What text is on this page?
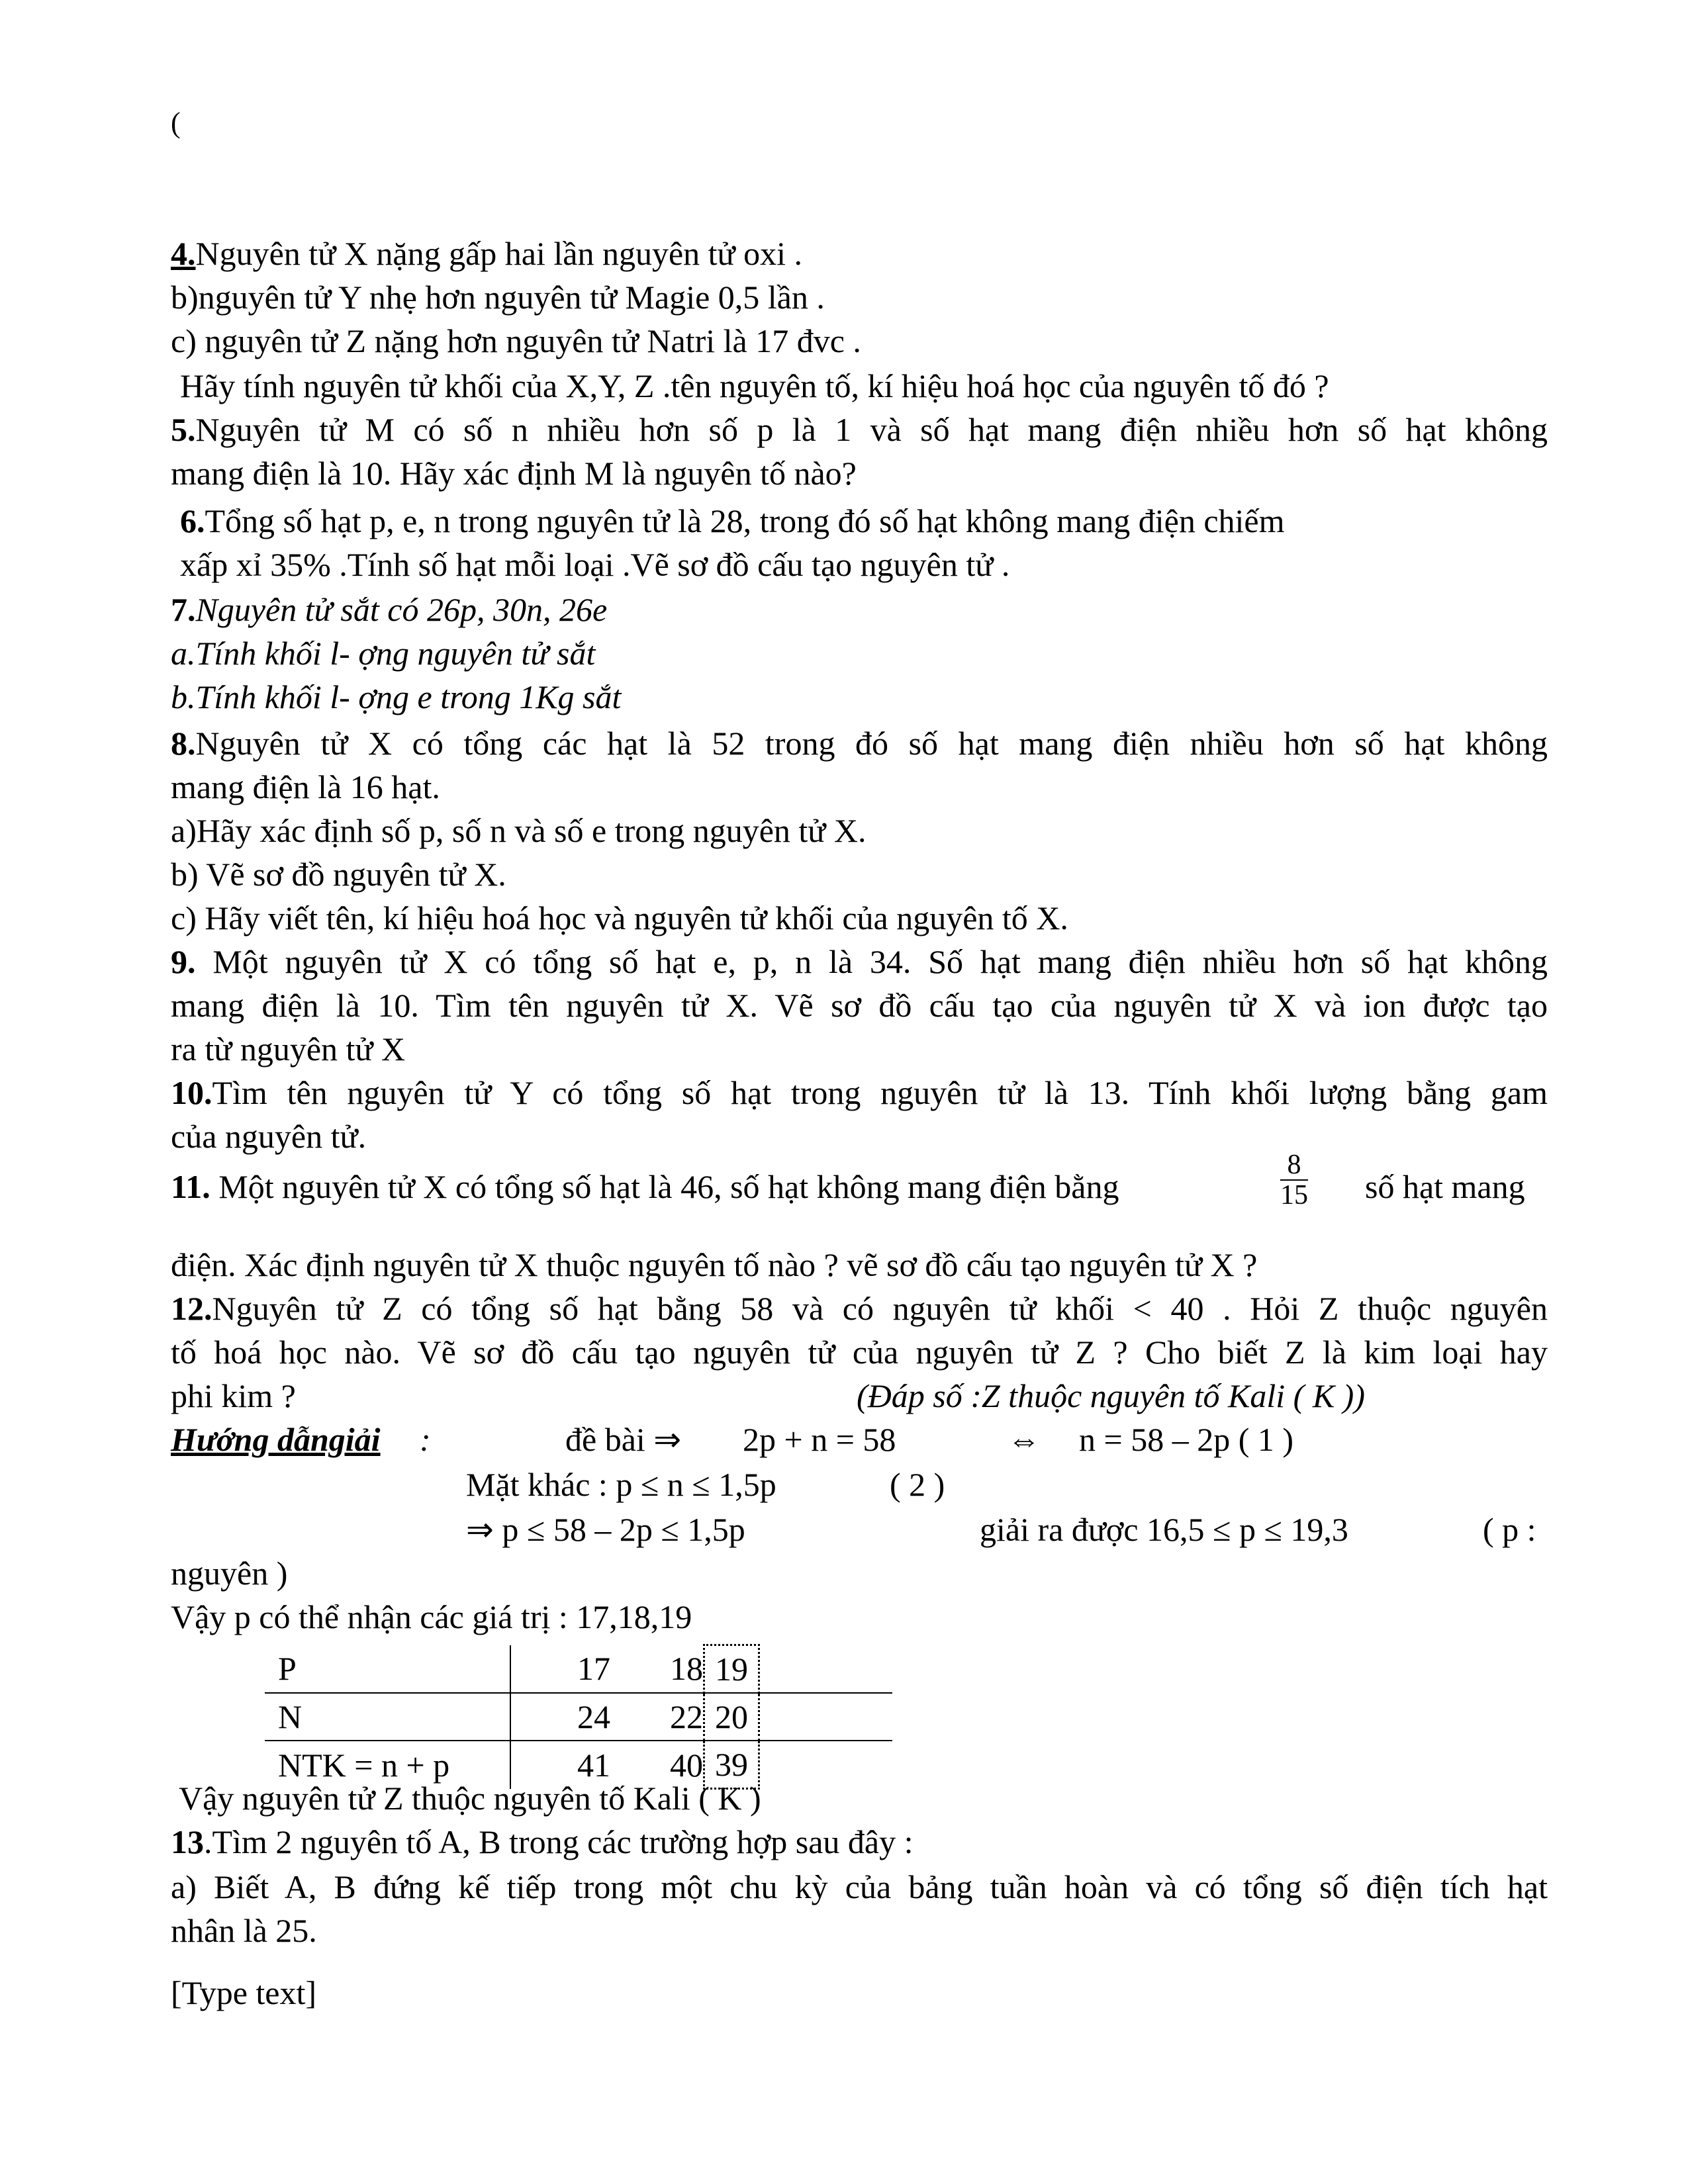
(
4.Nguyên tử X nặng gấp hai lần nguyên tử oxi .
b)nguyên tử Y nhẹ hơn nguyên tử Magie 0,5 lần .
c) nguyên tử Z nặng hơn nguyên tử Natri là 17 đvc .
Hãy tính nguyên tử khối của X,Y, Z .tên nguyên tố, kí hiệu hoá học của nguyên tố đó ?
5.Nguyên tử M có số n nhiều hơn số p là 1 và số hạt mang điện nhiều hơn số hạt không
mang điện là 10. Hãy xác định M là nguyên tố nào?
6.Tổng số hạt p, e, n trong nguyên tử là 28, trong đó số hạt không mang điện chiếm
xấp xỉ 35% .Tính số hạt mỗi loại .Vẽ sơ đồ cấu tạo nguyên tử .
7.Nguyên tử sắt có 26p, 30n, 26e
a.Tính khối l- ợng nguyên tử sắt
b.Tính khối l- ợng e trong 1Kg sắt
8.Nguyên tử X có tổng các hạt là 52 trong đó số hạt mang điện nhiều hơn số hạt không
mang điện là 16 hạt.
a)Hãy xác định số p, số n và số e trong nguyên tử X.
b) Vẽ sơ đồ nguyên tử X.
c) Hãy viết tên, kí hiệu hoá học và nguyên tử khối của nguyên tố X.
9. Một nguyên tử X có tổng số hạt e, p, n là 34. Số hạt mang điện nhiều hơn số hạt không
mang điện là 10. Tìm tên nguyên tử X. Vẽ sơ đồ cấu tạo của nguyên tử X và ion được tạo
ra từ nguyên tử X
10.Tìm tên nguyên tử Y có tổng số hạt trong nguyên tử là 13. Tính khối lượng bằng gam
của nguyên tử.
11. Một nguyên tử X có tổng số hạt là 46, số hạt không mang điện bằng	$\frac{8}{15}$ số hạt mang
điện. Xác định nguyên tử X thuộc nguyên tố nào ? vẽ sơ đồ cấu tạo nguyên tử X ?
12.Nguyên tử Z có tổng số hạt bằng 58 và có nguyên tử khối < 40 . Hỏi Z thuộc nguyên
tố hoá học nào. Vẽ sơ đồ cấu tạo nguyên tử của nguyên tử Z ? Cho biết Z là kim loại hay
phi kim ?	(Đáp số :Z thuộc nguyên tố Kali ( K ))
Hướng dẫngiải :	đề bài ⇒ 2p + n = 58	⇔ n = 58 – 2p ( 1 )
Mặt khác : p ≤ n ≤ 1,5p	( 2 )
⇒ p ≤ 58 – 2p ≤ 1,5p	giải ra được 16,5 ≤ p ≤ 19,3	( p :
nguyên )
Vậy p có thể nhận các giá trị : 17,18,19
P	17	18	19	
N	24	22	20	
NTK = n + p	41	40	39	
Vậy nguyên tử Z thuộc nguyên tố Kali ( K )
13.Tìm 2 nguyên tố A, B trong các trường hợp sau đây :
a) Biết A, B đứng kế tiếp trong một chu kỳ của bảng tuần hoàn và có tổng số điện tích hạt
nhân là 25.
[Type text]
